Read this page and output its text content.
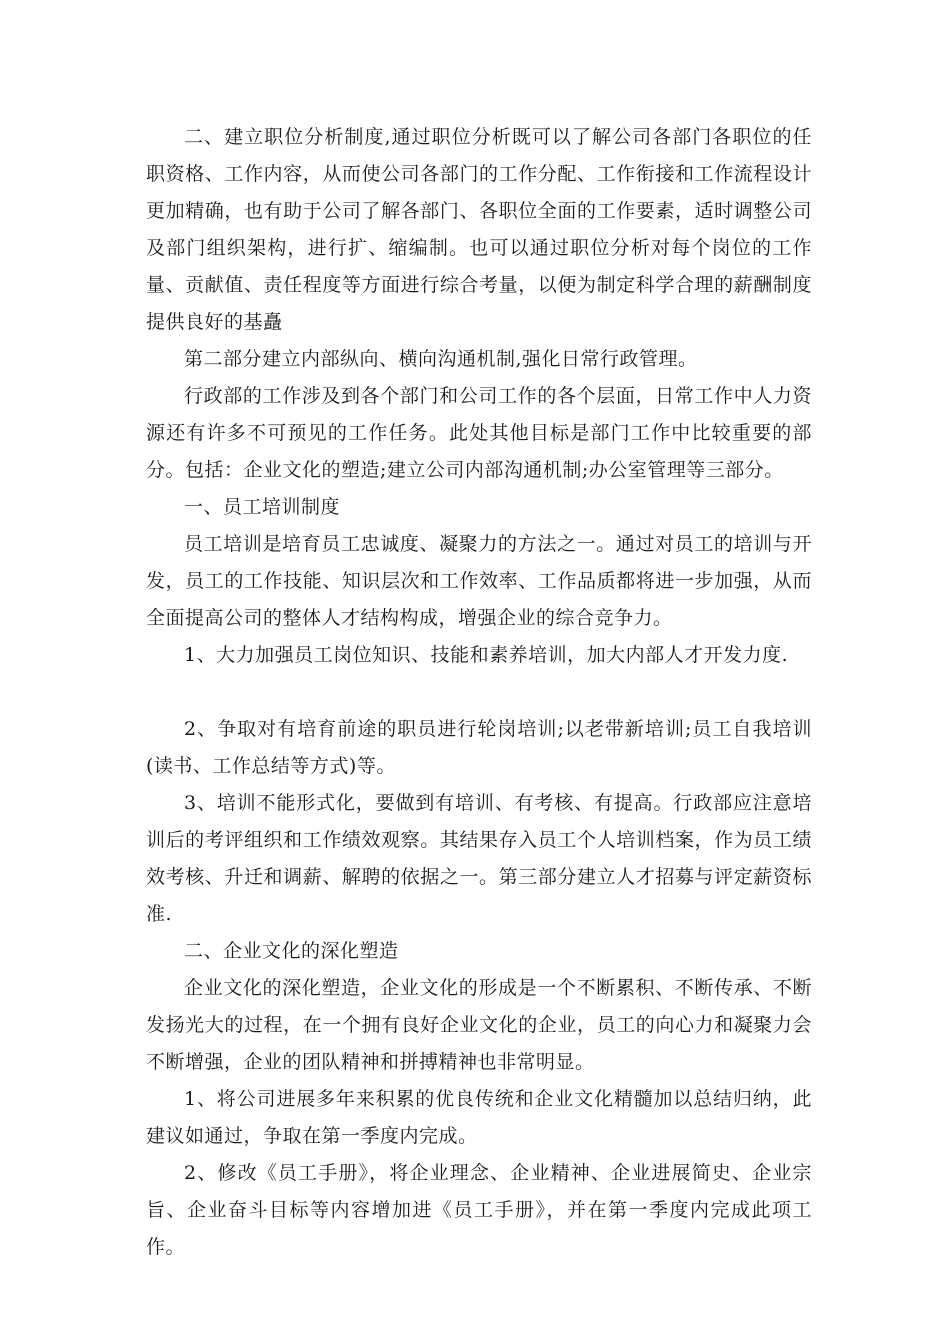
二、建立职位分析制度,通过职位分析既可以了解公司各部门各职位的任职资格、工作内容，从而使公司各部门的工作分配、工作衔接和工作流程设计更加精确，也有助于公司了解各部门、各职位全面的工作要素，适时调整公司及部门组织架构，进行扩、缩编制。也可以通过职位分析对每个岗位的工作量、贡献值、责任程度等方面进行综合考量，以便为制定科学合理的薪酬制度提供良好的基矗

第二部分建立内部纵向、横向沟通机制,强化日常行政管理。

行政部的工作涉及到各个部门和公司工作的各个层面，日常工作中人力资源还有许多不可预见的工作任务。此处其他目标是部门工作中比较重要的部分。包括：企业文化的塑造;建立公司内部沟通机制;办公室管理等三部分。

一、员工培训制度

员工培训是培育员工忠诚度、凝聚力的方法之一。通过对员工的培训与开发，员工的工作技能、知识层次和工作效率、工作品质都将进一步加强，从而全面提高公司的整体人才结构构成，增强企业的综合竞争力。

1、大力加强员工岗位知识、技能和素养培训，加大内部人才开发力度.

2、争取对有培育前途的职员进行轮岗培训;以老带新培训;员工自我培训(读书、工作总结等方式)等。

3、培训不能形式化，要做到有培训、有考核、有提高。行政部应注意培训后的考评组织和工作绩效观察。其结果存入员工个人培训档案，作为员工绩效考核、升迁和调薪、解聘的依据之一。第三部分建立人才招募与评定薪资标准.

二、企业文化的深化塑造

企业文化的深化塑造，企业文化的形成是一个不断累积、不断传承、不断发扬光大的过程，在一个拥有良好企业文化的企业，员工的向心力和凝聚力会不断增强，企业的团队精神和拼搏精神也非常明显。

1、将公司进展多年来积累的优良传统和企业文化精髓加以总结归纳，此建议如通过，争取在第一季度内完成。

2、修改《员工手册》，将企业理念、企业精神、企业进展简史、企业宗旨、企业奋斗目标等内容增加进《员工手册》，并在第一季度内完成此项工作。
